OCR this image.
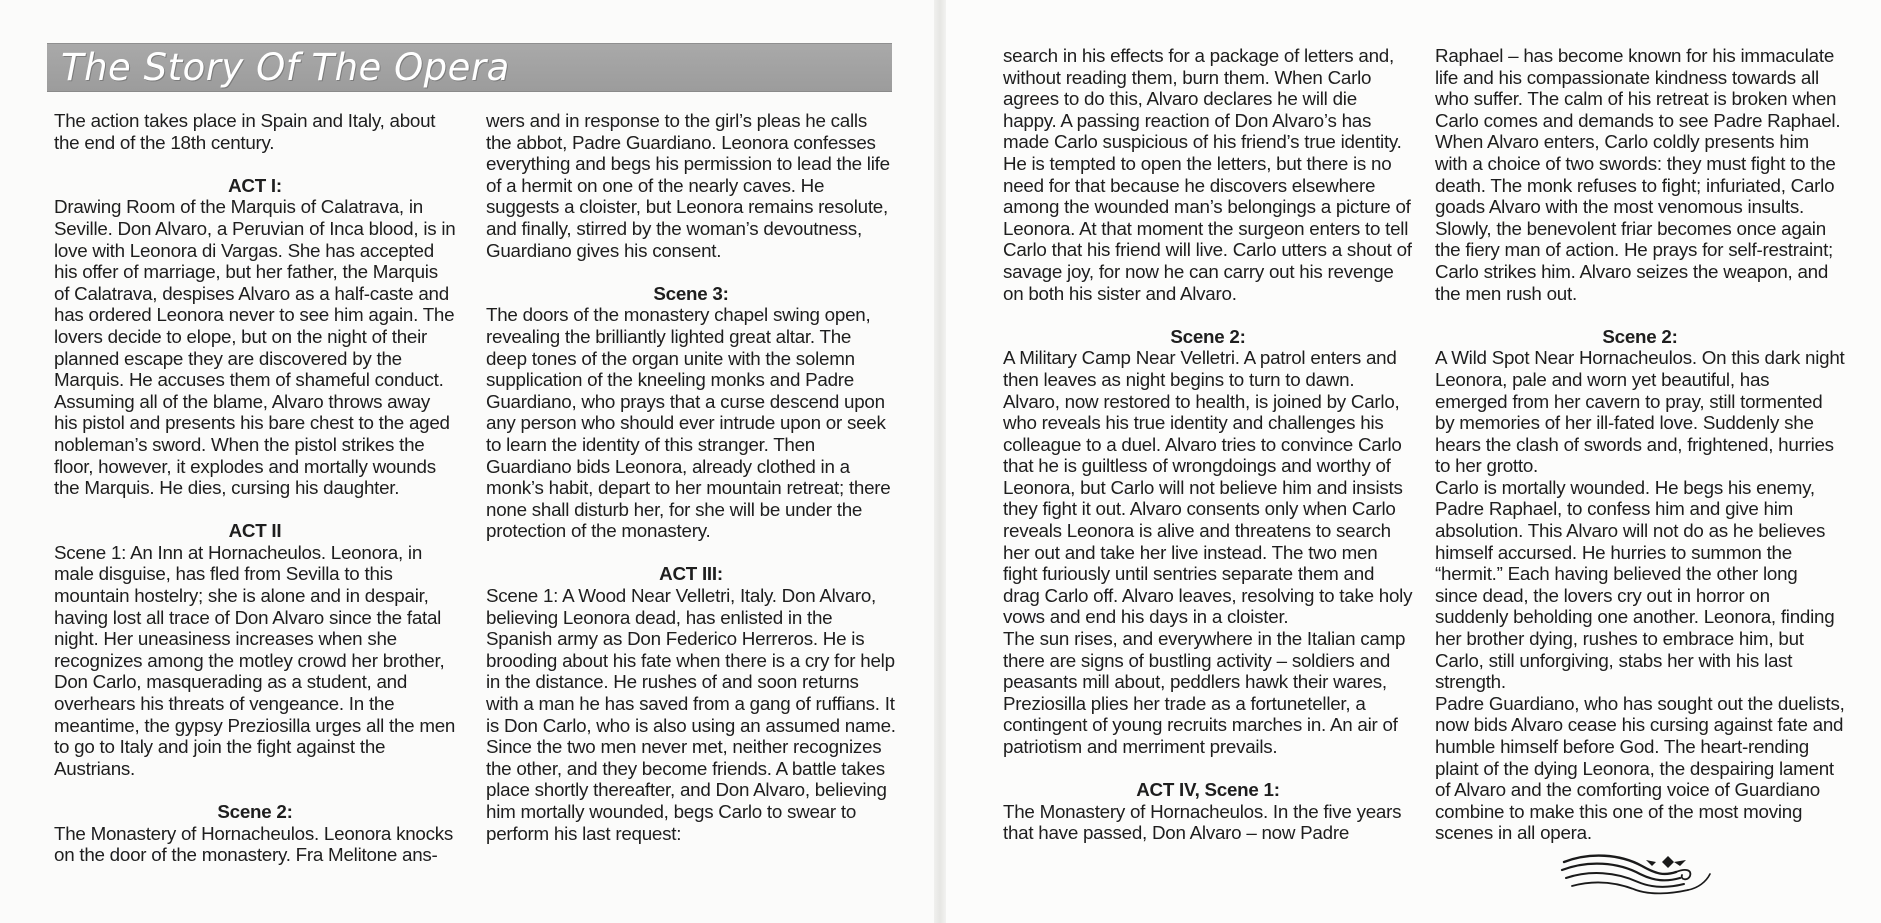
The Story Of The Opera

The action takes place in Spain and Italy, about the end of the 18th century.

ACT I:

Drawing Room of the Marquis of Calatrava, in Seville. Don Alvaro, a Peruvian of Inca blood, is in love with Leonora di Vargas. She has accepted his offer of marriage, but her father, the Marquis of Calatrava, despises Alvaro as a half-caste and has ordered Leonora never to see him again. The lovers decide to elope, but on the night of their planned escape they are discovered by the Marquis. He accuses them of shameful conduct. Assuming all of the blame, Alvaro throws away his pistol and presents his bare chest to the aged nobleman’s sword. When the pistol strikes the floor, however, it explodes and mortally wounds the Marquis. He dies, cursing his daughter.

ACT II

Scene 1: An Inn at Hornacheulos. Leonora, in male disguise, has fled from Sevilla to this mountain hostelry; she is alone and in despair, having lost all trace of Don Alvaro since the fatal night. Her uneasiness increases when she recognizes among the motley crowd her brother, Don Carlo, masquerading as a student, and overhears his threats of vengeance. In the meantime, the gypsy Preziosilla urges all the men to go to Italy and join the fight against the Austrians.

Scene 2:

The Monastery of Hornacheulos. Leonora knocks on the door of the monastery. Fra Melitone ans-

wers and in response to the girl’s pleas he calls the abbot, Padre Guardiano. Leonora confesses everything and begs his permission to lead the life of a hermit on one of the nearly caves. He suggests a cloister, but Leonora remains resolute, and finally, stirred by the woman’s devoutness, Guardiano gives his consent.

Scene 3:

The doors of the monastery chapel swing open, revealing the brilliantly lighted great altar. The deep tones of the organ unite with the solemn supplication of the kneeling monks and Padre Guardiano, who prays that a curse descend upon any person who should ever intrude upon or seek to learn the identity of this stranger. Then Guardiano bids Leonora, already clothed in a monk’s habit, depart to her mountain retreat; there none shall disturb her, for she will be under the protection of the monastery.

ACT III:

Scene 1: A Wood Near Velletri, Italy. Don Alvaro, believing Leonora dead, has enlisted in the Spanish army as Don Federico Herreros. He is brooding about his fate when there is a cry for help in the distance. He rushes of and soon returns with a man he has saved from a gang of ruffians. It is Don Carlo, who is also using an assumed name. Since the two men never met, neither recognizes the other, and they become friends. A battle takes place shortly thereafter, and Don Alvaro, believing him mortally wounded, begs Carlo to swear to perform his last request:

search in his effects for a package of letters and, without reading them, burn them. When Carlo agrees to do this, Alvaro declares he will die happy. A passing reaction of Don Alvaro’s has made Carlo suspicious of his friend’s true identity. He is tempted to open the letters, but there is no need for that because he discovers elsewhere among the wounded man’s belongings a picture of Leonora. At that moment the surgeon enters to tell Carlo that his friend will live. Carlo utters a shout of savage joy, for now he can carry out his revenge on both his sister and Alvaro.

Scene 2:

A Military Camp Near Velletri. A patrol enters and then leaves as night begins to turn to dawn. Alvaro, now restored to health, is joined by Carlo, who reveals his true identity and challenges his colleague to a duel. Alvaro tries to convince Carlo that he is guiltless of wrongdoings and worthy of Leonora, but Carlo will not believe him and insists they fight it out. Alvaro consents only when Carlo reveals Leonora is alive and threatens to search her out and take her live instead. The two men fight furiously until sentries separate them and drag Carlo off. Alvaro leaves, resolving to take holy vows and end his days in a cloister.

The sun rises, and everywhere in the Italian camp there are signs of bustling activity – soldiers and peasants mill about, peddlers hawk their wares, Preziosilla plies her trade as a fortuneteller, a contingent of young recruits marches in. An air of patriotism and merriment prevails.

ACT IV, Scene 1:

The Monastery of Hornacheulos. In the five years that have passed, Don Alvaro – now Padre

Raphael – has become known for his immaculate life and his compassionate kindness towards all who suffer. The calm of his retreat is broken when Carlo comes and demands to see Padre Raphael. When Alvaro enters, Carlo coldly presents him with a choice of two swords: they must fight to the death. The monk refuses to fight; infuriated, Carlo goads Alvaro with the most venomous insults. Slowly, the benevolent friar becomes once again the fiery man of action. He prays for self-restraint; Carlo strikes him. Alvaro seizes the weapon, and the men rush out.

Scene 2:

A Wild Spot Near Hornacheulos. On this dark night Leonora, pale and worn yet beautiful, has emerged from her cavern to pray, still tormented by memories of her ill-fated love. Suddenly she hears the clash of swords and, frightened, hurries to her grotto.

Carlo is mortally wounded. He begs his enemy, Padre Raphael, to confess him and give him absolution. This Alvaro will not do as he believes himself accursed. He hurries to summon the “hermit.” Each having believed the other long since dead, the lovers cry out in horror on suddenly beholding one another. Leonora, finding her brother dying, rushes to embrace him, but Carlo, still unforgiving, stabs her with his last strength.

Padre Guardiano, who has sought out the duelists, now bids Alvaro cease his cursing against fate and humble himself before God. The heart-rending plaint of the dying Leonora, the despairing lament of Alvaro and the comforting voice of Guardiano combine to make this one of the most moving scenes in all opera.
